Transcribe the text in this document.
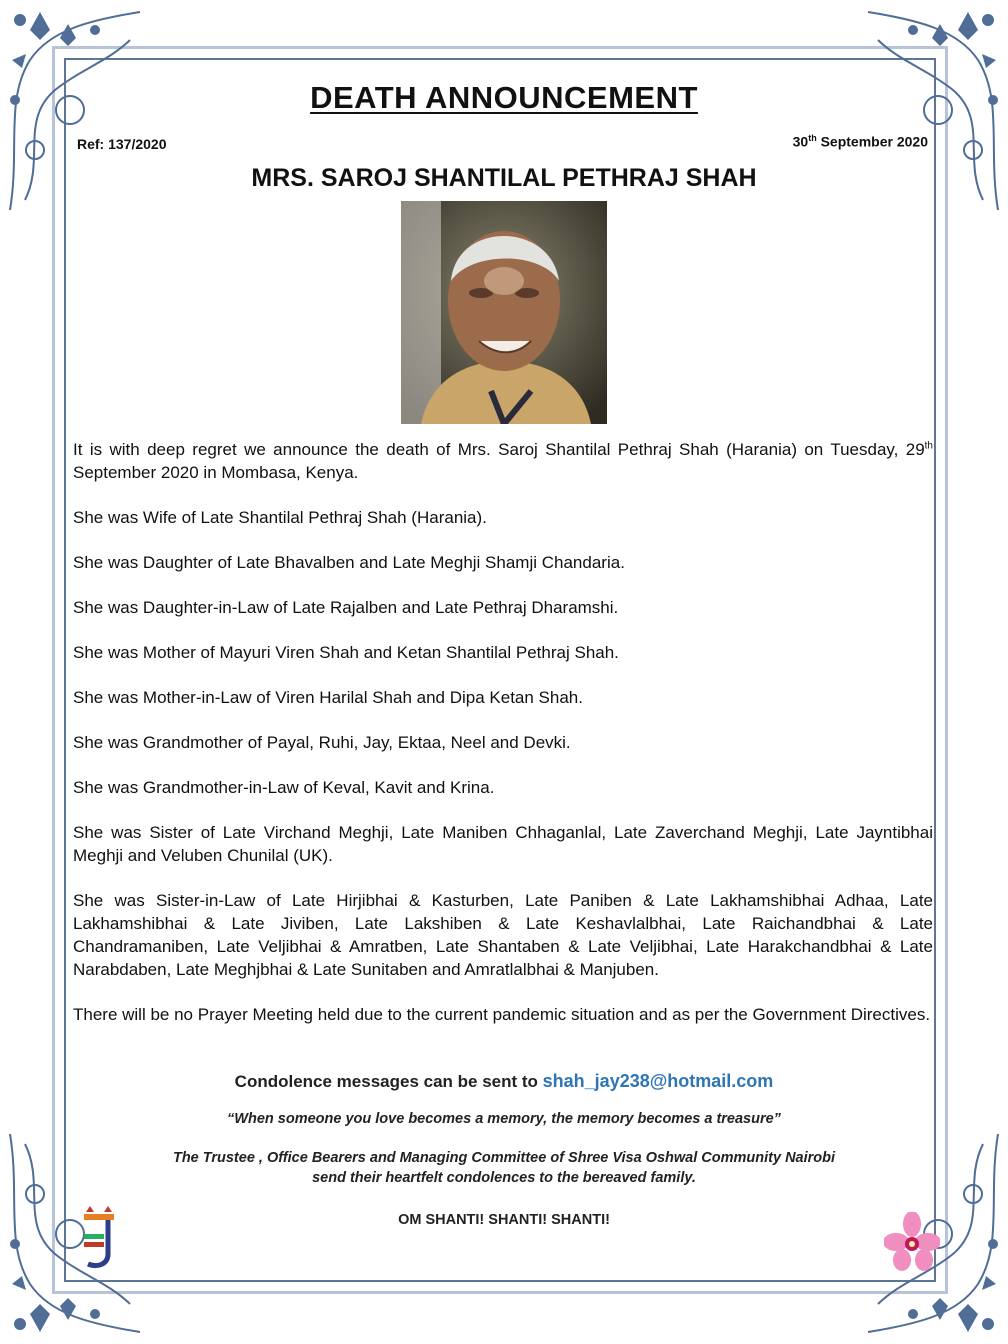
DEATH ANNOUNCEMENT
Ref: 137/2020	30th September 2020
MRS. SAROJ SHANTILAL PETHRAJ SHAH

It is with deep regret we announce the death of Mrs. Saroj Shantilal Pethraj Shah (Harania) on Tuesday, 29th September 2020 in Mombasa, Kenya.

She was Wife of Late Shantilal Pethraj Shah (Harania).

She was Daughter of Late Bhavalben and Late Meghji Shamji Chandaria.

She was Daughter-in-Law of Late Rajalben and Late Pethraj Dharamshi.

She was Mother of Mayuri Viren Shah and Ketan Shantilal Pethraj Shah.

She was Mother-in-Law of Viren Harilal Shah and Dipa Ketan Shah.

She was Grandmother of Payal, Ruhi, Jay, Ektaa, Neel and Devki.

She was Grandmother-in-Law of Keval, Kavit and Krina.

She was Sister of Late Virchand Meghji, Late Maniben Chhaganlal, Late Zaverchand Meghji, Late Jayntibhai Meghji and Veluben Chunilal (UK).

She was Sister-in-Law of Late Hirjibhai & Kasturben, Late Paniben & Late Lakhamshibhai Adhaa, Late Lakhamshibhai & Late Jiviben, Late Lakshiben & Late Keshavlalbhai, Late Raichandbhai & Late Chandramaniben, Late Veljibhai & Amratben, Late Shantaben & Late Veljibhai, Late Harakchandbhai & Late Narabdaben, Late Meghjbhai & Late Sunitaben and Amratlalbhai & Manjuben.

There will be no Prayer Meeting held due to the current pandemic situation and as per the Government Directives.

Condolence messages can be sent to shah_jay238@hotmail.com
“When someone you love becomes a memory, the memory becomes a treasure”
The Trustee , Office Bearers and Managing Committee of Shree Visa Oshwal Community Nairobi
send their heartfelt condolences to the bereaved family.
OM SHANTI! SHANTI! SHANTI!
